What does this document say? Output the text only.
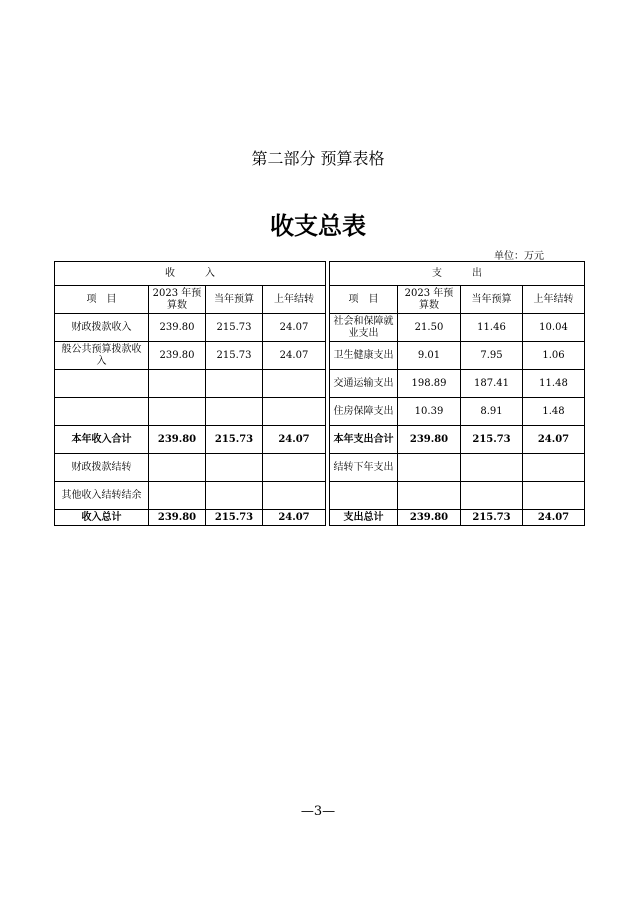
第二部分 预算表格
收支总表
单位：万元
收　　　入					支　　　出			
项　目	2023 年预算数	当年预算	上年结转		项　目	2023 年预算数	当年预算	上年结转
财政拨款收入	239.80	215.73	24.07		社会和保障就业支出	21.50	11.46	10.04
般公共预算拨款收入	239.80	215.73	24.07		卫生健康支出	9.01	7.95	1.06
					交通运输支出	198.89	187.41	11.48
					住房保障支出	10.39	8.91	1.48
本年收入合计	239.80	215.73	24.07		本年支出合计	239.80	215.73	24.07
财政拨款结转					结转下年支出			
其他收入结转结余								
收入总计	239.80	215.73	24.07		支出总计	239.80	215.73	24.07
—3—
